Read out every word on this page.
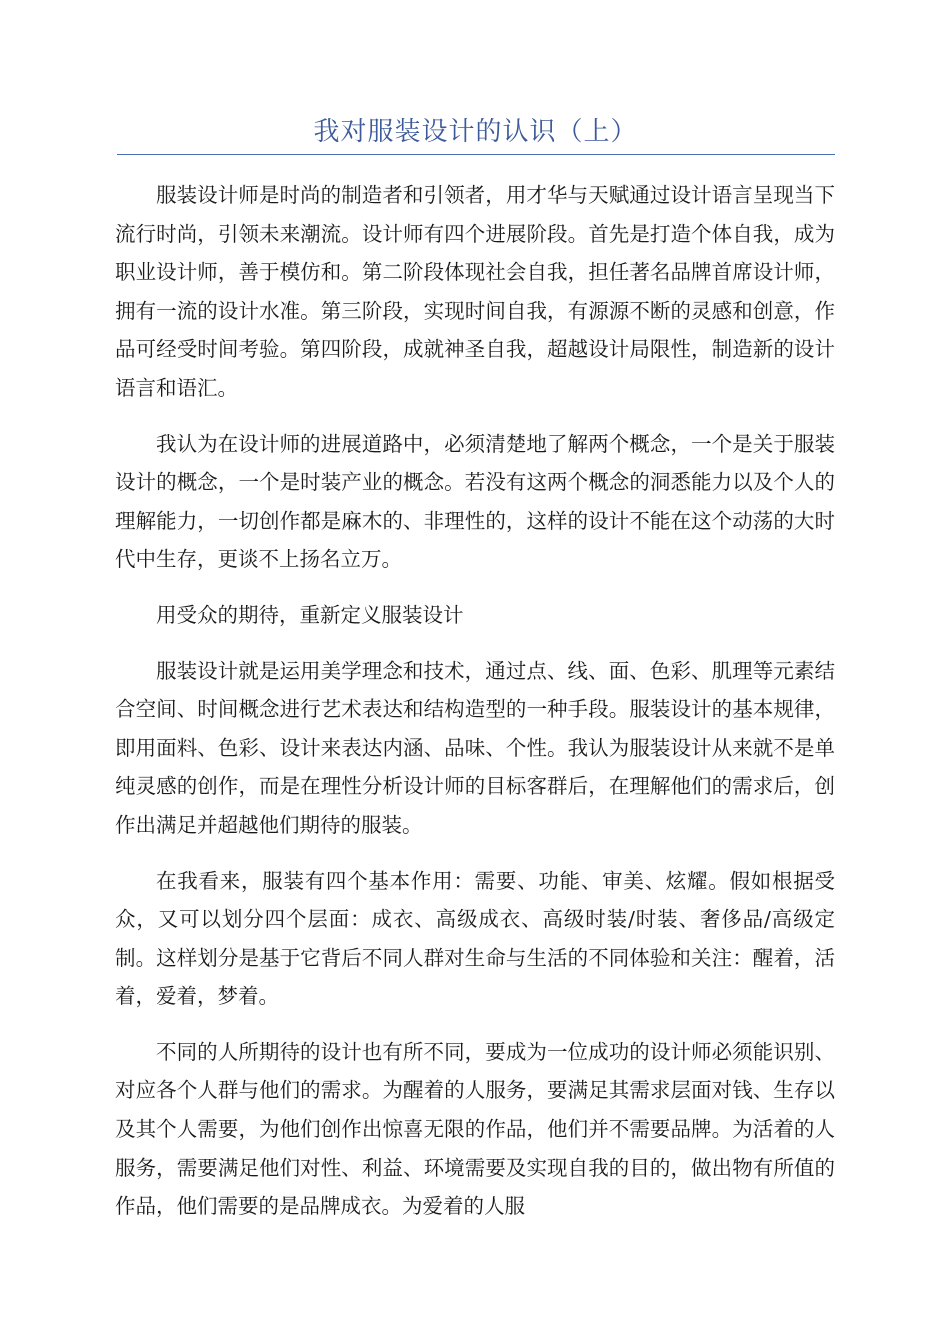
我对服装设计的认识（上）

服装设计师是时尚的制造者和引领者，用才华与天赋通过设计语言呈现当下流行时尚，引领未来潮流。设计师有四个进展阶段。首先是打造个体自我，成为职业设计师，善于模仿和。第二阶段体现社会自我，担任著名品牌首席设计师，拥有一流的设计水准。第三阶段，实现时间自我，有源源不断的灵感和创意，作品可经受时间考验。第四阶段，成就神圣自我，超越设计局限性，制造新的设计语言和语汇。

我认为在设计师的进展道路中，必须清楚地了解两个概念，一个是关于服装设计的概念，一个是时装产业的概念。若没有这两个概念的洞悉能力以及个人的理解能力，一切创作都是麻木的、非理性的，这样的设计不能在这个动荡的大时代中生存，更谈不上扬名立万。

用受众的期待，重新定义服装设计

服装设计就是运用美学理念和技术，通过点、线、面、色彩、肌理等元素结合空间、时间概念进行艺术表达和结构造型的一种手段。服装设计的基本规律，即用面料、色彩、设计来表达内涵、品味、个性。我认为服装设计从来就不是单纯灵感的创作，而是在理性分析设计师的目标客群后，在理解他们的需求后，创作出满足并超越他们期待的服装。

在我看来，服装有四个基本作用：需要、功能、审美、炫耀。假如根据受众，又可以划分四个层面：成衣、高级成衣、高级时装/时装、奢侈品/高级定制。这样划分是基于它背后不同人群对生命与生活的不同体验和关注：醒着，活着，爱着，梦着。

不同的人所期待的设计也有所不同，要成为一位成功的设计师必须能识别、对应各个人群与他们的需求。为醒着的人服务，要满足其需求层面对钱、生存以及其个人需要，为他们创作出惊喜无限的作品，他们并不需要品牌。为活着的人服务，需要满足他们对性、利益、环境需要及实现自我的目的，做出物有所值的作品，他们需要的是品牌成衣。为爱着的人服
